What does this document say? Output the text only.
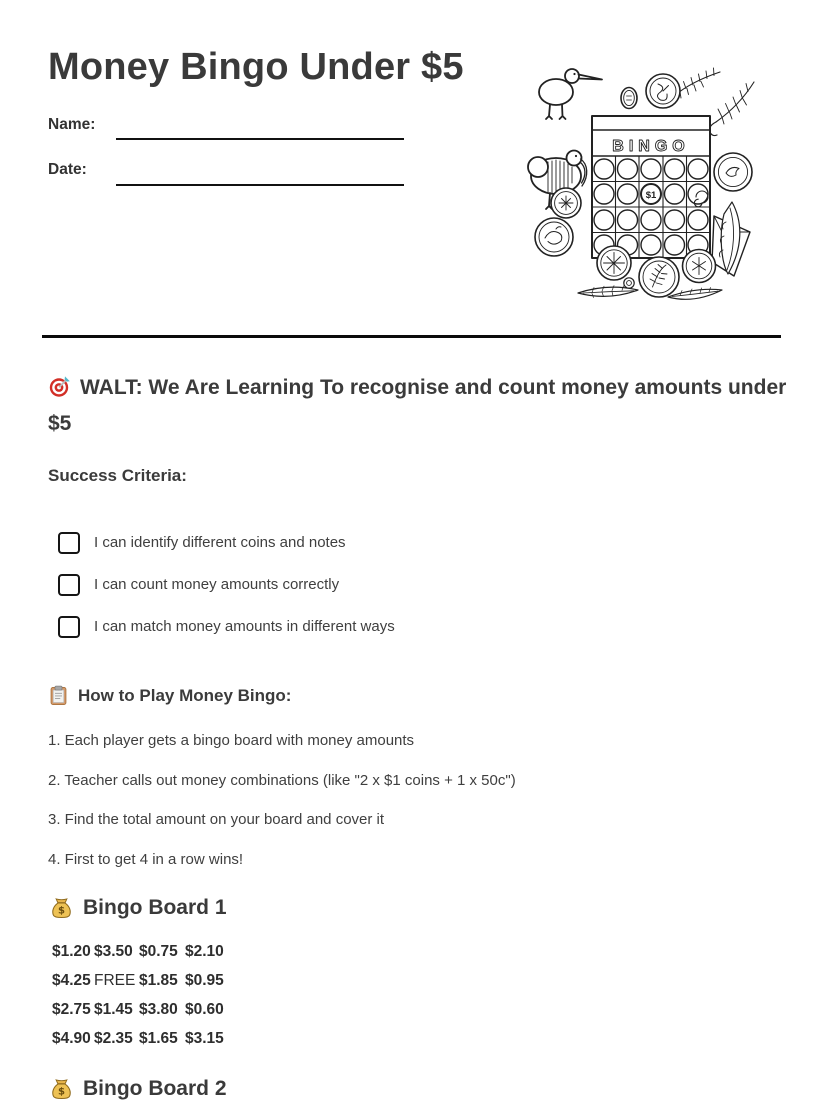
Money Bingo Under $5
Name:
Date:
BINGO
$1
WALT: We Are Learning To recognise and count money amounts under $5
Success Criteria:
I can identify different coins and notes
I can count money amounts correctly
I can match money amounts in different ways
How to Play Money Bingo:

1. Each player gets a bingo board with money amounts

2. Teacher calls out money combinations (like "2 x $1 coins + 1 x 50c")

3. Find the total amount on your board and cover it

4. First to get 4 in a row wins!

$ Bingo Board 1
$1.20 $3.50 $0.75 $2.10
$4.25 FREE $1.85 $0.95
$2.75 $1.45 $3.80 $0.60
$4.90 $2.35 $1.65 $3.15
$ Bingo Board 2
